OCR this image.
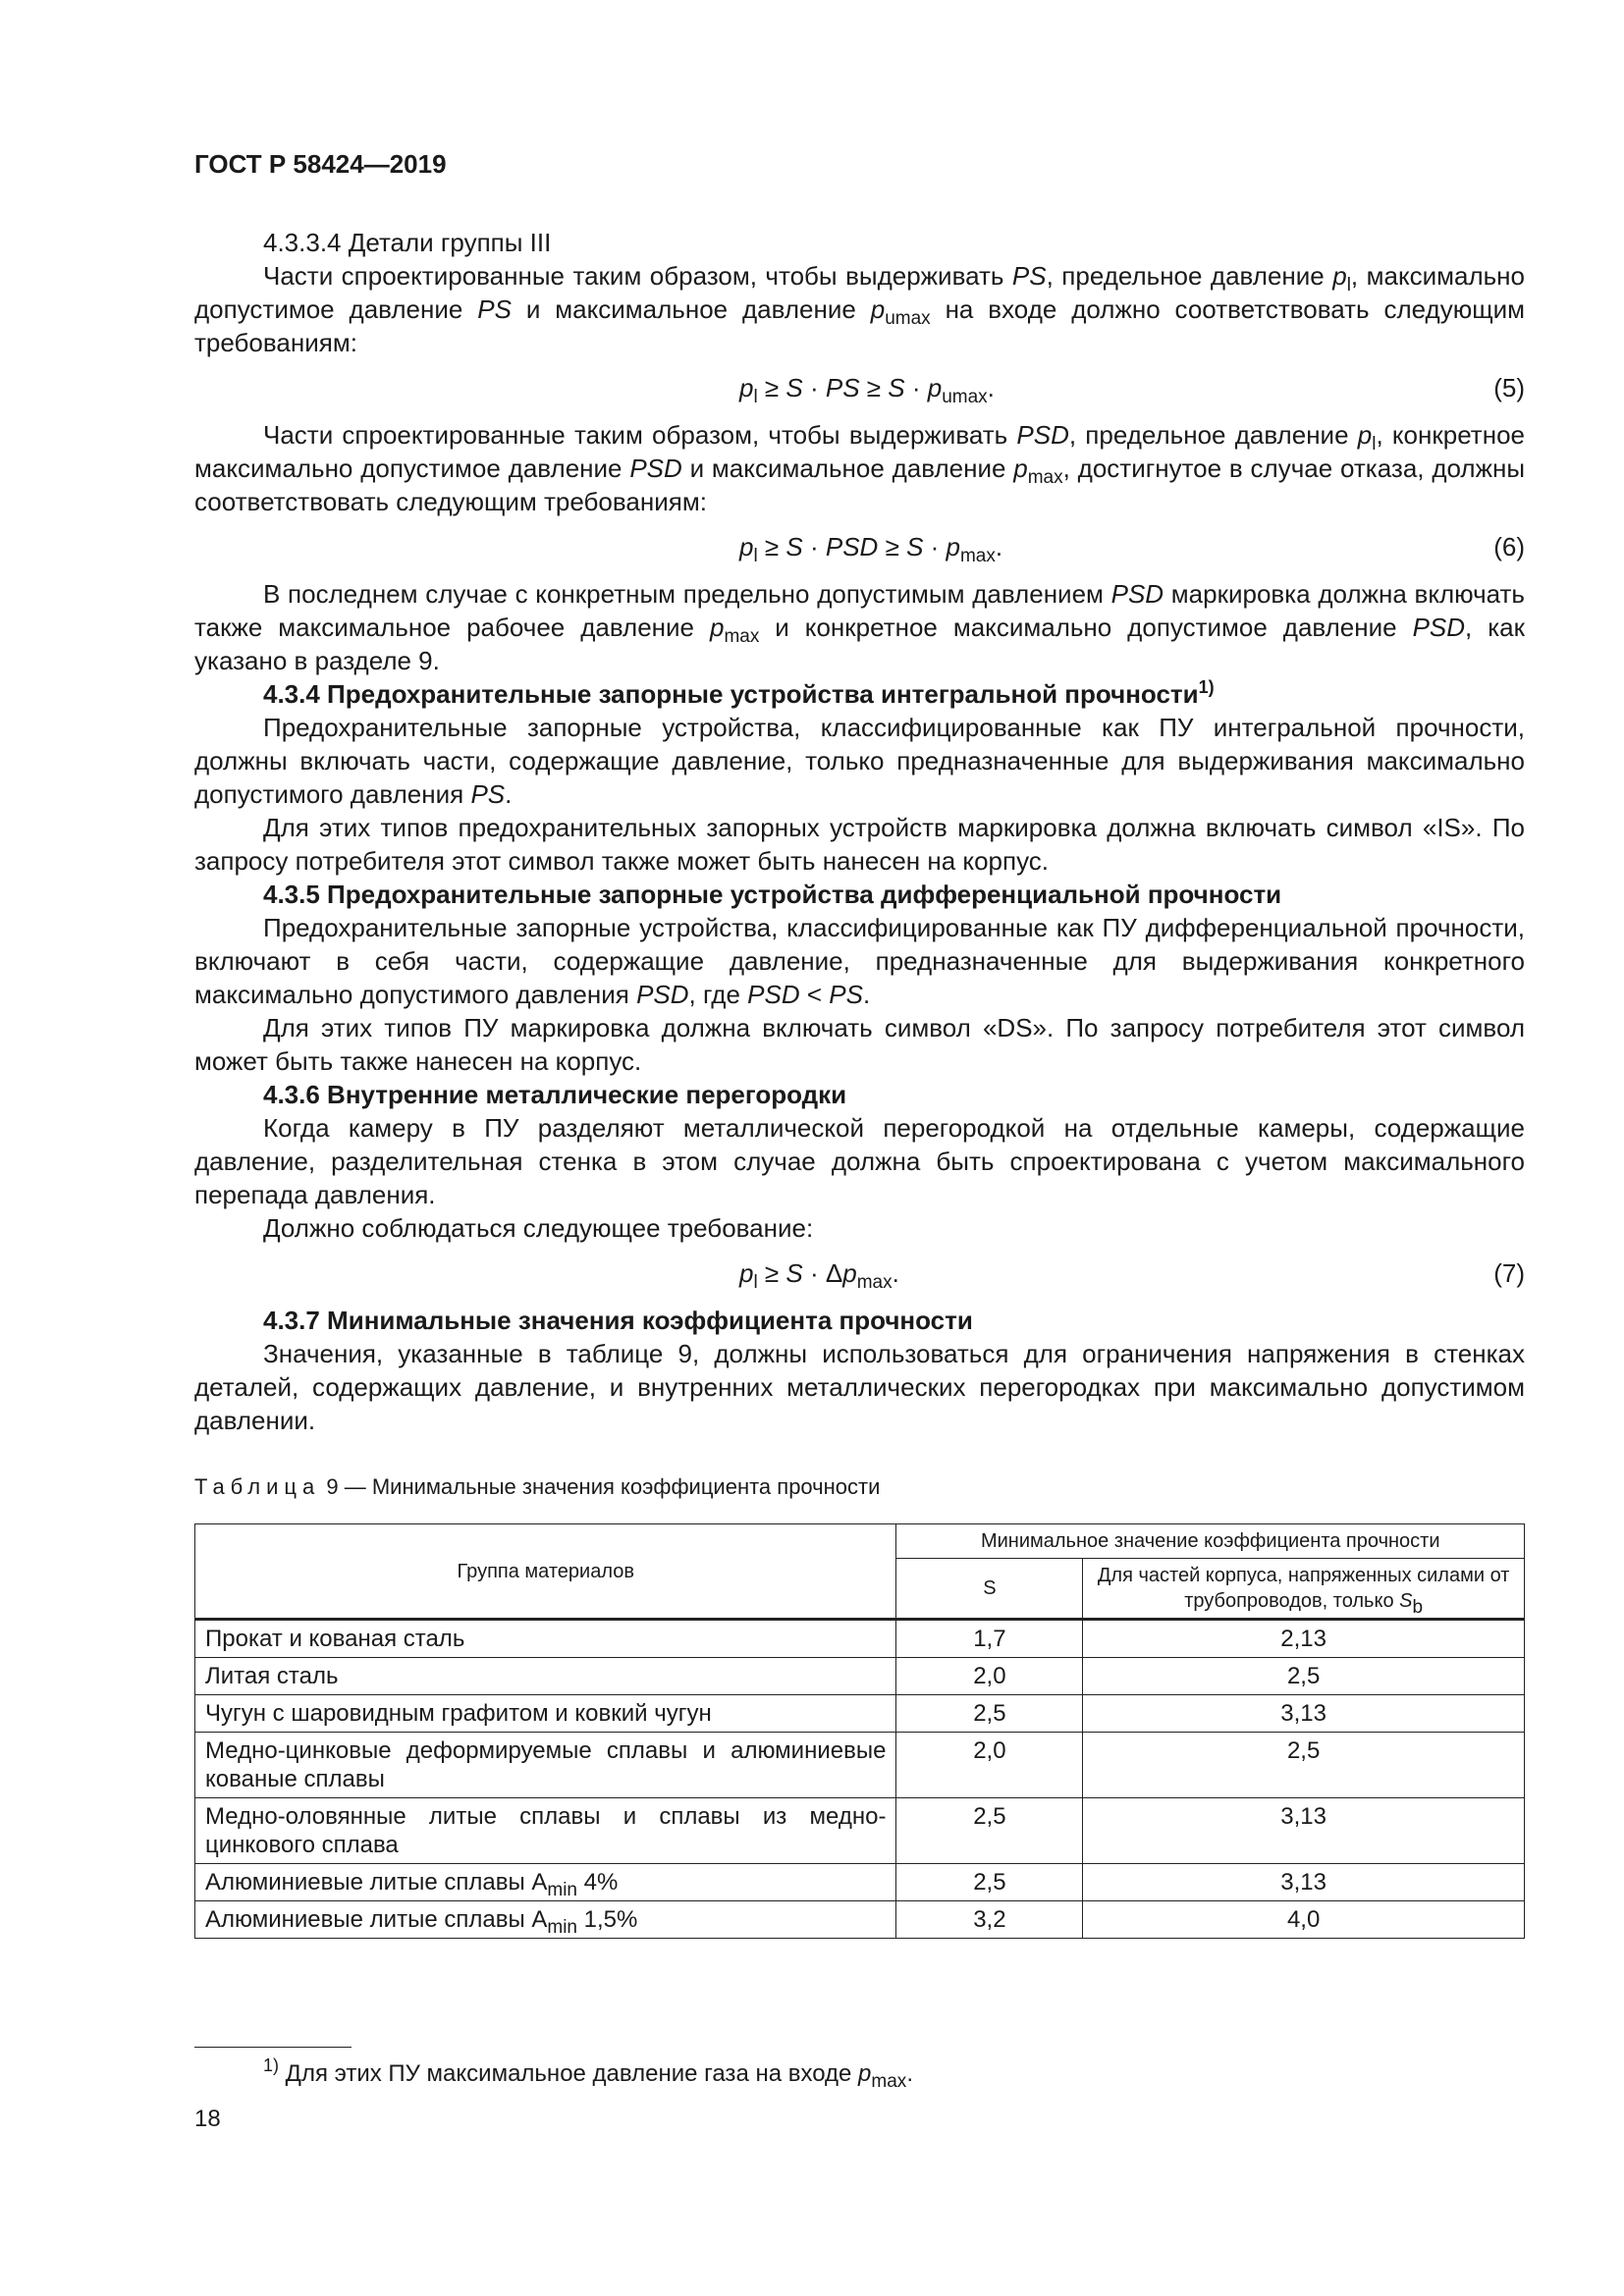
ГОСТ Р 58424—2019
4.3.3.4 Детали группы III

Части спроектированные таким образом, чтобы выдерживать PS, предельное давление $p_l$, максимально допустимое давление PS и максимальное давление $p_{umax}$ на входе должно соответствовать следующим требованиям:

$p_l \ge S$ · PS ≥ $S \cdot p_{umax}$.	(5)

Части спроектированные таким образом, чтобы выдерживать PSD, предельное давление $p_l$, конкретное максимально допустимое давление PSD и максимальное давление $p_{max}$, достигнутое в случае отказа, должны соответствовать следующим требованиям:

$p_l \ge S$ · PSD ≥ $S \cdot p_{max}$.	(6)

В последнем случае с конкретным предельно допустимым давлением PSD маркировка должна включать также максимальное рабочее давление $p_{max}$ и конкретное максимально допустимое давление PSD, как указано в разделе 9.

4.3.4 Предохранительные запорные устройства интегральной прочности$^{1)}$

Предохранительные запорные устройства, классифицированные как ПУ интегральной прочности, должны включать части, содержащие давление, только предназначенные для выдерживания максимально допустимого давления PS.

Для этих типов предохранительных запорных устройств маркировка должна включать символ «IS». По запросу потребителя этот символ также может быть нанесен на корпус.

4.3.5 Предохранительные запорные устройства дифференциальной прочности

Предохранительные запорные устройства, классифицированные как ПУ дифференциальной прочности, включают в себя части, содержащие давление, предназначенные для выдерживания конкретного максимально допустимого давления PSD, где PSD < PS.

Для этих типов ПУ маркировка должна включать символ «DS». По запросу потребителя этот символ может быть также нанесен на корпус.

4.3.6 Внутренние металлические перегородки

Когда камеру в ПУ разделяют металлической перегородкой на отдельные камеры, содержащие давление, разделительная стенка в этом случае должна быть спроектирована с учетом максимального перепада давления.

Должно соблюдаться следующее требование:

$p_l \ge S \cdot \Delta p_{max}$.	(7)
4.3.7 Минимальные значения коэффициента прочности

Значения, указанные в таблице 9, должны использоваться для ограничения напряжения в стенках деталей, содержащих давление, и внутренних металлических перегородках при максимально допустимом давлении.

Таблица 9 — Минимальные значения коэффициента прочности
Группа материалов	Минимальное значение коэффициента прочности	
	S	Для частей корпуса, напряженных силами от трубопроводов, только $S_b$
Прокат и кованая сталь	1,7	2,13
Литая сталь	2,0	2,5
Чугун с шаровидным графитом и ковкий чугун	2,5	3,13
Медно-цинковые деформируемые сплавы и алюминиевые кованые сплавы	2,0	2,5
Медно-оловянные литые сплавы и сплавы из медно-цинкового сплава	2,5	3,13
Алюминиевые литые сплавы $A_{min}$ 4%	2,5	3,13
Алюминиевые литые сплавы $A_{min}$ 1,5%	3,2	4,0
$^{1)}$ Для этих ПУ максимальное давление газа на входе $p_{max}$.
18
